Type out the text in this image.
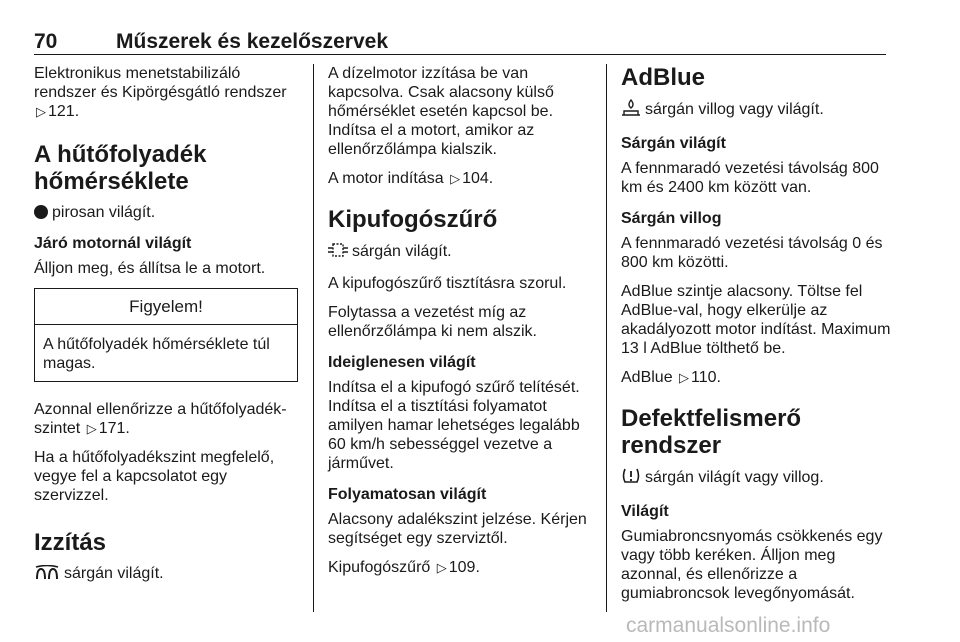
70	Műszerek és kezelőszervek

Elektronikus menetstabilizáló rendszer és Kipörgésgátló rendszer
▷ 121.

A hűtőfolyadék hőmérséklete

pirosan világít.

Járó motornál világít

Álljon meg, és állítsa le a motort.

Figyelem!
A hűtőfolyadék hőmérséklete túl magas.

Azonnal ellenőrizze a hűtőfolyadék-szintet ▷ 171.

Ha a hűtőfolyadékszint megfelelő, vegye fel a kapcsolatot egy szervizzel.

Izzítás

sárgán világít.

A dízelmotor izzítása be van kapcsolva. Csak alacsony külső hőmérséklet esetén kapcsol be. Indítsa el a motort, amikor az ellenőrzőlámpa kialszik.

A motor indítása ▷ 104.

Kipufogószűrő

sárgán világít.

A kipufogószűrő tisztításra szorul.

Folytassa a vezetést míg az ellenőrzőlámpa ki nem alszik.

Ideiglenesen világít

Indítsa el a kipufogó szűrő telítését. Indítsa el a tisztítási folyamatot amilyen hamar lehetséges legalább 60 km/h sebességgel vezetve a járművet.

Folyamatosan világít

Alacsony adalékszint jelzése. Kérjen segítséget egy szerviztől.

Kipufogószűrő ▷ 109.

AdBlue

sárgán villog vagy világít.

Sárgán világít

A fennmaradó vezetési távolság 800 km és 2400 km között van.

Sárgán villog

A fennmaradó vezetési távolság 0 és 800 km közötti.

AdBlue szintje alacsony. Töltse fel AdBlue-val, hogy elkerülje az akadályozott motor indítást. Maximum 13 l AdBlue tölthető be.

AdBlue ▷ 110.

Defektfelismerő rendszer

sárgán világít vagy villog.

Világít

Gumiabroncsnyomás csökkenés egy vagy több keréken. Álljon meg azonnal, és ellenőrizze a gumiabroncsok levegőnyomását.

carmanualsonline.info
